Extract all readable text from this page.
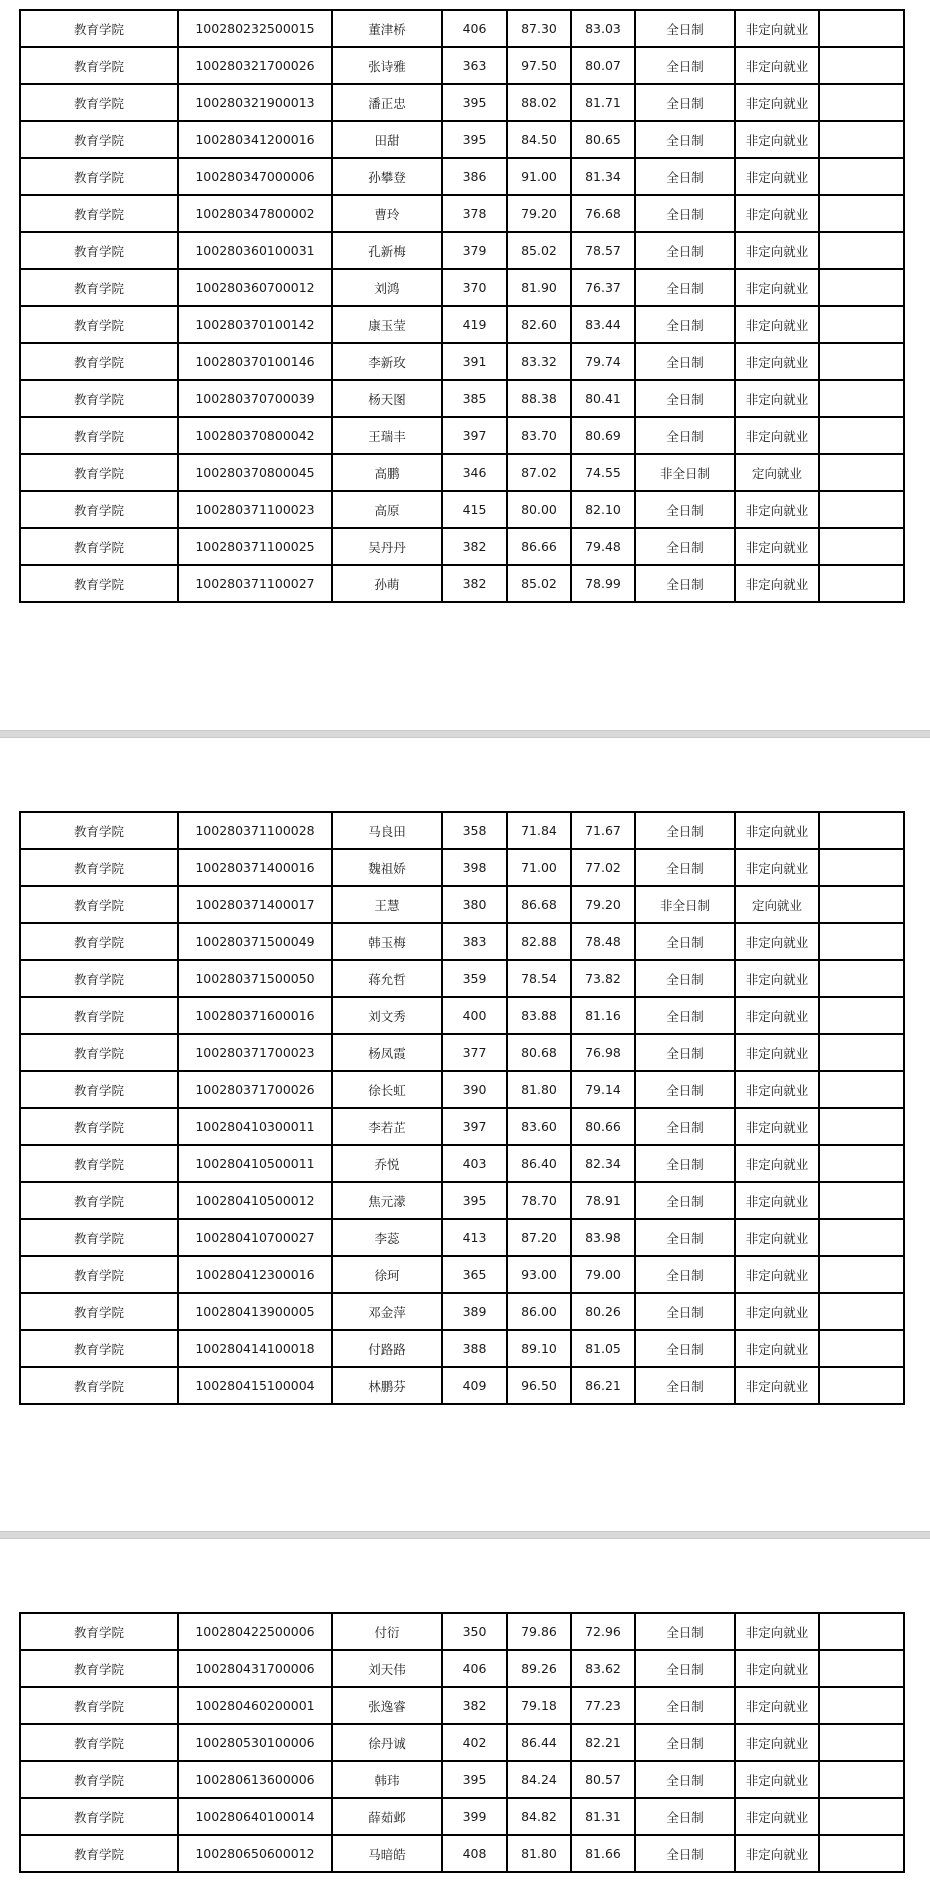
教育学院	100280232500015	董津桥	406	87.30	83.03	全日制	非定向就业	
教育学院	100280321700026	张诗雅	363	97.50	80.07	全日制	非定向就业	
教育学院	100280321900013	潘正忠	395	88.02	81.71	全日制	非定向就业	
教育学院	100280341200016	田甜	395	84.50	80.65	全日制	非定向就业	
教育学院	100280347000006	孙攀登	386	91.00	81.34	全日制	非定向就业	
教育学院	100280347800002	曹玲	378	79.20	76.68	全日制	非定向就业	
教育学院	100280360100031	孔新梅	379	85.02	78.57	全日制	非定向就业	
教育学院	100280360700012	刘鸿	370	81.90	76.37	全日制	非定向就业	
教育学院	100280370100142	康玉莹	419	82.60	83.44	全日制	非定向就业	
教育学院	100280370100146	李新玫	391	83.32	79.74	全日制	非定向就业	
教育学院	100280370700039	杨天图	385	88.38	80.41	全日制	非定向就业	
教育学院	100280370800042	王瑞丰	397	83.70	80.69	全日制	非定向就业	
教育学院	100280370800045	高鹏	346	87.02	74.55	非全日制	定向就业	
教育学院	100280371100023	高原	415	80.00	82.10	全日制	非定向就业	
教育学院	100280371100025	吴丹丹	382	86.66	79.48	全日制	非定向就业	
教育学院	100280371100027	孙萌	382	85.02	78.99	全日制	非定向就业	
教育学院	100280371100028	马良田	358	71.84	71.67	全日制	非定向就业	
教育学院	100280371400016	魏祖娇	398	71.00	77.02	全日制	非定向就业	
教育学院	100280371400017	王慧	380	86.68	79.20	非全日制	定向就业	
教育学院	100280371500049	韩玉梅	383	82.88	78.48	全日制	非定向就业	
教育学院	100280371500050	蒋允哲	359	78.54	73.82	全日制	非定向就业	
教育学院	100280371600016	刘文秀	400	83.88	81.16	全日制	非定向就业	
教育学院	100280371700023	杨凤霞	377	80.68	76.98	全日制	非定向就业	
教育学院	100280371700026	徐长虹	390	81.80	79.14	全日制	非定向就业	
教育学院	100280410300011	李若芷	397	83.60	80.66	全日制	非定向就业	
教育学院	100280410500011	乔悦	403	86.40	82.34	全日制	非定向就业	
教育学院	100280410500012	焦元濛	395	78.70	78.91	全日制	非定向就业	
教育学院	100280410700027	李蕊	413	87.20	83.98	全日制	非定向就业	
教育学院	100280412300016	徐珂	365	93.00	79.00	全日制	非定向就业	
教育学院	100280413900005	邓金萍	389	86.00	80.26	全日制	非定向就业	
教育学院	100280414100018	付路路	388	89.10	81.05	全日制	非定向就业	
教育学院	100280415100004	林鹏芬	409	96.50	86.21	全日制	非定向就业	
教育学院	100280422500006	付衍	350	79.86	72.96	全日制	非定向就业	
教育学院	100280431700006	刘天伟	406	89.26	83.62	全日制	非定向就业	
教育学院	100280460200001	张逸睿	382	79.18	77.23	全日制	非定向就业	
教育学院	100280530100006	徐丹诚	402	86.44	82.21	全日制	非定向就业	
教育学院	100280613600006	韩玮	395	84.24	80.57	全日制	非定向就业	
教育学院	100280640100014	薛茹邺	399	84.82	81.31	全日制	非定向就业	
教育学院	100280650600012	马暗皓	408	81.80	81.66	全日制	非定向就业	
